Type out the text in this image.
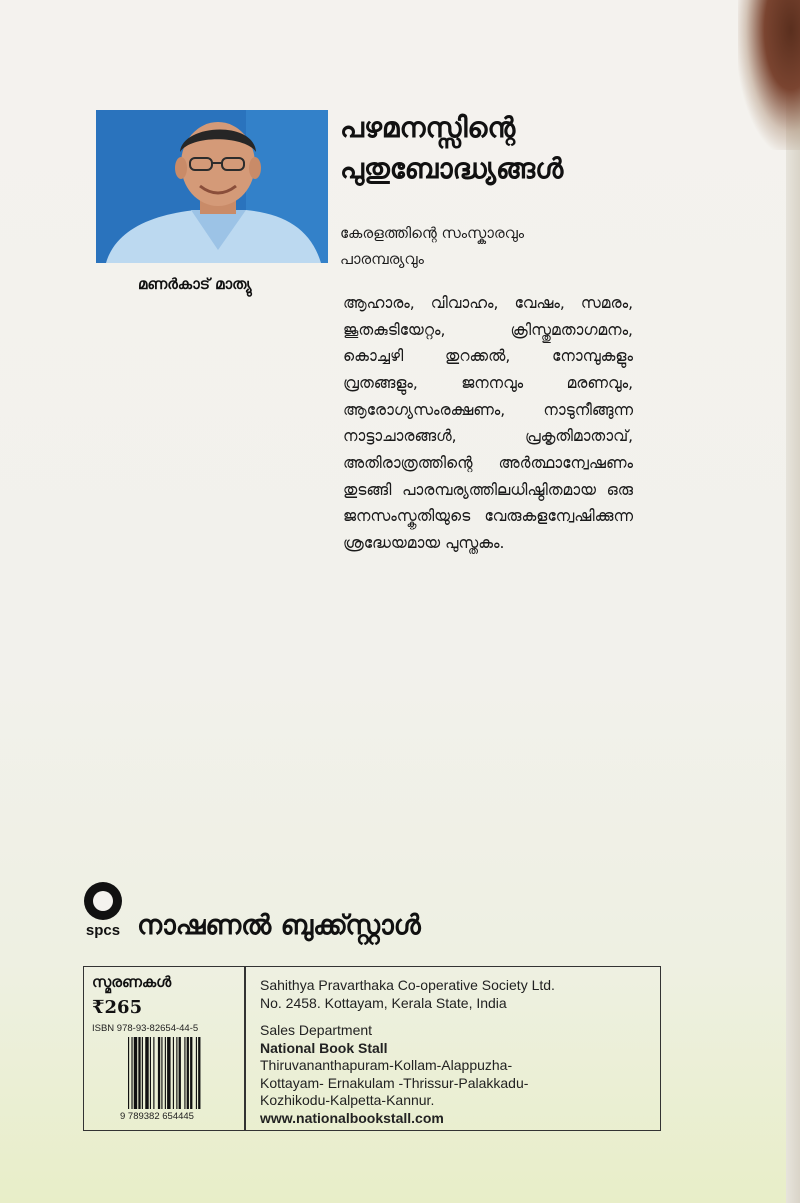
മണർകാട് മാത്യു
പഴമനസ്സിന്റെ
പുതുബോദ്ധ്യങ്ങൾ
കേരളത്തിന്റെ സംസ്കാരവും
പാരമ്പര്യവും
ആഹാരം, വിവാഹം, വേഷം, സമരം, ജൂതകുടിയേറ്റം, ക്രിസ്തുമതാഗമനം, കൊച്ചഴി തുറക്കൽ, നോമ്പുകളും വ്രതങ്ങളും, ജനനവും മരണവും, ആരോഗ്യസംരക്ഷണം, നാടുനീങ്ങുന്ന നാട്ടാചാരങ്ങൾ, പ്രകൃതിമാതാവ്, അതിരാത്രത്തിന്റെ അർത്ഥാന്വേഷണം തുടങ്ങി പാരമ്പര്യത്തിലധിഷ്ഠിതമായ ഒരു ജനസംസ്കൃതിയുടെ വേരുകളന്വേഷിക്കുന്ന ശ്രദ്ധേയമായ പുസ്തകം.
spcs നാഷണൽ ബുക്ക്സ്റ്റാൾ
സ്മരണകൾ
₹265
ISBN 978-93-82654-44-5
9 789382 654445
Sahithya Pravarthaka Co-operative Society Ltd.
No. 2458. Kottayam, Kerala State, India
Sales Department
National Book Stall
Thiruvananthapuram-Kollam-Alappuzha-
Kottayam- Ernakulam -Thrissur-Palakkadu-
Kozhikodu-Kalpetta-Kannur.
www.nationalbookstall.com
